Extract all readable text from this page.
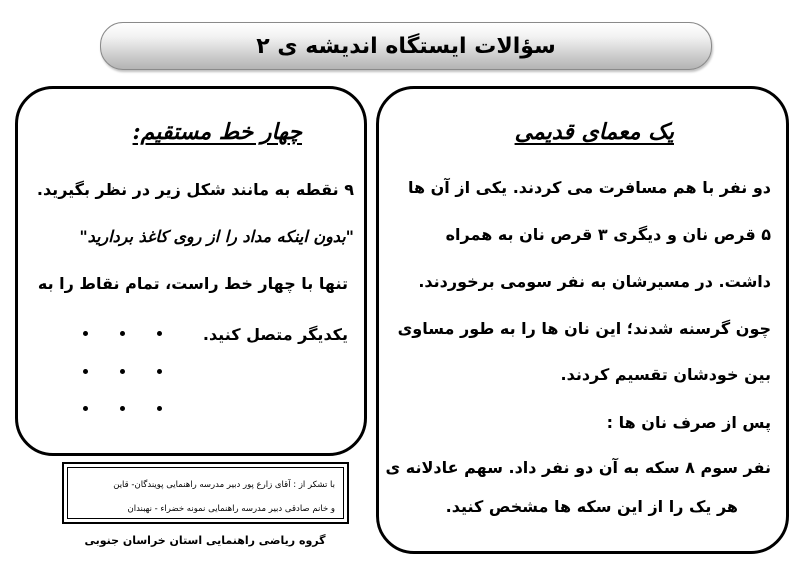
سؤالات ایستگاه اندیشه ی ۲
چهار خط مستقیم:
۹ نقطه به مانند شکل زیر در نظر بگیرید.
"بدون اینکه مداد را از روی کاغذ بردارید"
تنها با چهار خط راست، تمام نقاط را به
یکدیگر متصل کنید.
یک معمای قدیمی
دو نفر با هم مسافرت می کردند. یکی از آن ها
۵ قرص نان و دیگری ۳ قرص نان به همراه
داشت. در مسیرشان به نفر سومی برخوردند.
چون گرسنه شدند؛ این نان ها را به طور مساوی
بین خودشان تقسیم کردند.
پس از صرف نان ها :
نفر سوم ۸ سکه به آن دو نفر داد. سهم عادلانه ی
هر یک را از این سکه ها مشخص کنید.
با تشکر از : آقای زارع پور دبیر مدرسه راهنمایی پویندگان- قاین
و خانم صادقی دبیر مدرسه راهنمایی نمونه خضراء - نهبندان
گروه ریاضی راهنمایی استان خراسان جنوبی
